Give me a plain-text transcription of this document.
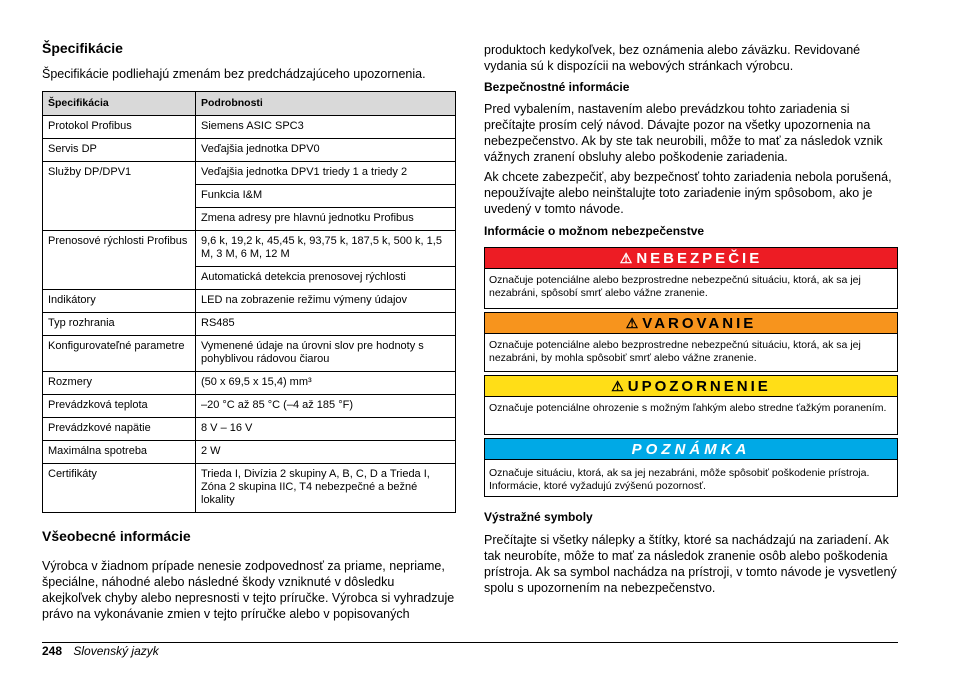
Špecifikácie

Špecifikácie podliehajú zmenám bez predchádzajúceho upozornenia.

Špecifikácia	Podrobnosti
Protokol Profibus	Siemens ASIC SPC3
Servis DP	Veďajšia jednotka DPV0
Služby DP/DPV1	Veďajšia jednotka DPV1 triedy 1 a triedy 2
	Funkcia I&M
	Zmena adresy pre hlavnú jednotku Profibus
Prenosové rýchlosti Profibus	9,6 k, 19,2 k, 45,45 k, 93,75 k, 187,5 k, 500 k, 1,5 M, 3 M, 6 M, 12 M
	Automatická detekcia prenosovej rýchlosti
Indikátory	LED na zobrazenie režimu výmeny údajov
Typ rozhrania	RS485
Konfigurovateľné parametre	Vymenené údaje na úrovni slov pre hodnoty s pohyblivou rádovou čiarou
Rozmery	(50 x 69,5 x 15,4) mm³
Prevádzková teplota	–20 °C až 85 °C (–4 až 185 °F)
Prevádzkové napätie	8 V – 16 V
Maximálna spotreba	2 W
Certifikáty	Trieda I, Divízia 2 skupiny A, B, C, D a Trieda I, Zóna 2 skupina IIC, T4 nebezpečné a bežné lokality
Všeobecné informácie

Výrobca v žiadnom prípade nenesie zodpovednosť za priame, nepriame, špeciálne, náhodné alebo následné škody vzniknuté v dôsledku akejkoľvek chyby alebo nepresnosti v tejto príručke. Výrobca si vyhradzuje právo na vykonávanie zmien v tejto príručke alebo v popisovaných

produktoch kedykoľvek, bez oznámenia alebo záväzku. Revidované vydania sú k dispozícii na webových stránkach výrobcu.

Bezpečnostné informácie

Pred vybalením, nastavením alebo prevádzkou tohto zariadenia si prečítajte prosím celý návod. Dávajte pozor na všetky upozornenia na nebezpečenstvo. Ak by ste tak neurobili, môže to mať za následok vznik vážnych zranení obsluhy alebo poškodenie zariadenia.

Ak chcete zabezpečiť, aby bezpečnosť tohto zariadenia nebola porušená, nepoužívajte alebo neinštalujte toto zariadenie iným spôsobom, ako je uvedený v tomto návode.

Informácie o možnom nebezpečenstve
⚠ NEBEZPEČIE
Označuje potenciálne alebo bezprostredne nebezpečnú situáciu, ktorá, ak sa jej nezabráni, spôsobí smrť alebo vážne zranenie.
⚠ VAROVANIE
Označuje potenciálne alebo bezprostredne nebezpečnú situáciu, ktorá, ak sa jej nezabráni, by mohla spôsobiť smrť alebo vážne zranenie.
⚠ UPOZORNENIE
Označuje potenciálne ohrozenie s možným ľahkým alebo stredne ťažkým poranením.
POZNÁMKA
Označuje situáciu, ktorá, ak sa jej nezabráni, môže spôsobiť poškodenie prístroja. Informácie, ktoré vyžadujú zvýšenú pozornosť.
Výstražné symboly

Prečítajte si všetky nálepky a štítky, ktoré sa nachádzajú na zariadení. Ak tak neurobíte, môže to mať za následok zranenie osôb alebo poškodenia prístroja. Ak sa symbol nachádza na prístroji, v tomto návode je vysvetlený spolu s upozornením na nebezpečenstvo.

248 Slovenský jazyk
